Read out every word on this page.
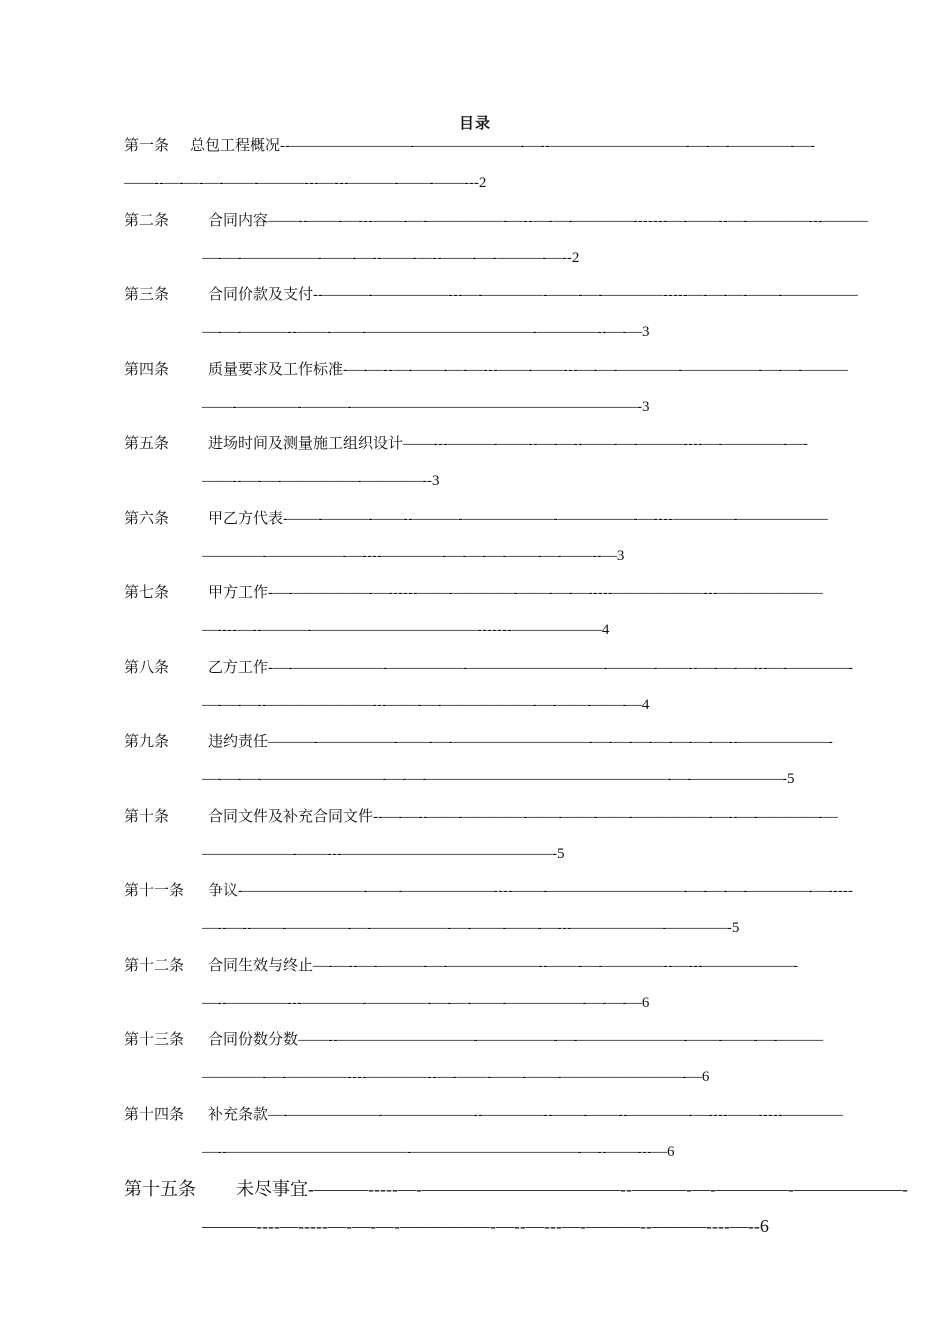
目录
第一条 总包工程概况--————————-———————-—--—————————-—-—-————-—-
——--—-—-—-——-———---—---———-——-——---2
第二条	合同内容——--——-—---——-—-—————-—--—-—-————-------—-——--—-————---———
—-—-—————-——-—--——-—--——-—-———-—--2
第三条	合同价款及支付--———-—————---—-————-——-—-————-----—-—-—-——-—————
—-—-———--——-——-———————————-————--—-—3
第四条	质量要求及工作标准-—-—--—-——-—-—---——-——---—-—-————-—————-—-—-———
——-————-———-———————————————————-3
第五条	进场时间及测量施工组织设计——---———-——--—-—--——-—-———----—-————-—-
——--—-—-—————-————--3
第六条	甲乙方代表-——-———-——--———-——————-—————-—----————-——————
————-—————-—----————-—-—-—-——-—-——--—3
第七条	甲方工作-—-—————-—------——-————-——-—-—-----——————---———————
—----—--———-———————————-------——————4
第八条	乙方工作-—-——————-—————-—————————-———-——--—-—-—---—-————-
—-—-—--———————---——-—-——————-—-——-——-—4
第九条	违约责任———-—————-——-—-—————————-—-—-—-—-—-—-—--——————-
—-—-—-————————-—-—-————————————————-—-——————-5
第十条	合同文件及补充合同文件--—-—--——-————-——-——-——-—————-—--—-————-—
——————-——---——————————————-5
第十一条 争议-————————-——-——————----——-—————————-—-—-—-————-—-----
—--—--——-————-—-—————-—-——-——-—---——————-————-5
第十二条 合同生效与终止—-—--—-———-—-——————--——-—-————--—---——————-
—--————---————-————-—-—-——-—————-—-—-—6
第十三条 合同份数分数——--—————————-—————-—-———————-——-——-—-———
————-—-————----————--—-——-——-——-————————-—6
第十四条 补充条款—-——————-——————--————--——-——--————-—----——-----————
—--————————————-———————————-—--——---—6
第十五条 未尽事宜-———-----—-———————————--———-—-————-——————-
———----—-----—-—-—-—————-—--—---—-———--———----—--6
